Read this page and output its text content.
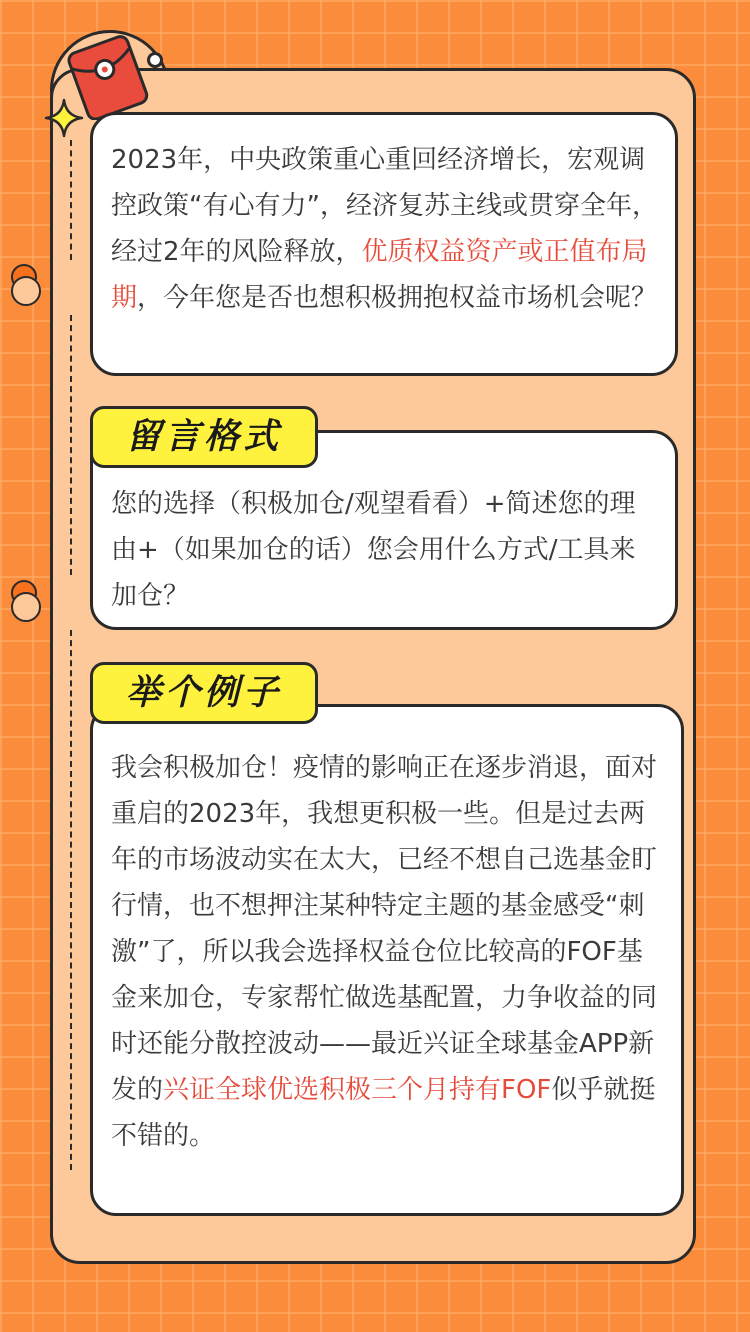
2023年，中央政策重心重回经济增长，宏观调控政策“有心有力”，经济复苏主线或贯穿全年，经过2年的风险释放，优质权益资产或正值布局期，今年您是否也想积极拥抱权益市场机会呢？
您的选择（积极加仓/观望看看）+简述您的理由+（如果加仓的话）您会用什么方式/工具来加仓？
留言格式
我会积极加仓！疫情的影响正在逐步消退，面对重启的2023年，我想更积极一些。但是过去两年的市场波动实在太大，已经不想自己选基金盯行情，也不想押注某种特定主题的基金感受“刺激”了，所以我会选择权益仓位比较高的FOF基金来加仓，专家帮忙做选基配置，力争收益的同时还能分散控波动——最近兴证全球基金APP新发的兴证全球优选积极三个月持有FOF似乎就挺不错的。
举个例子
